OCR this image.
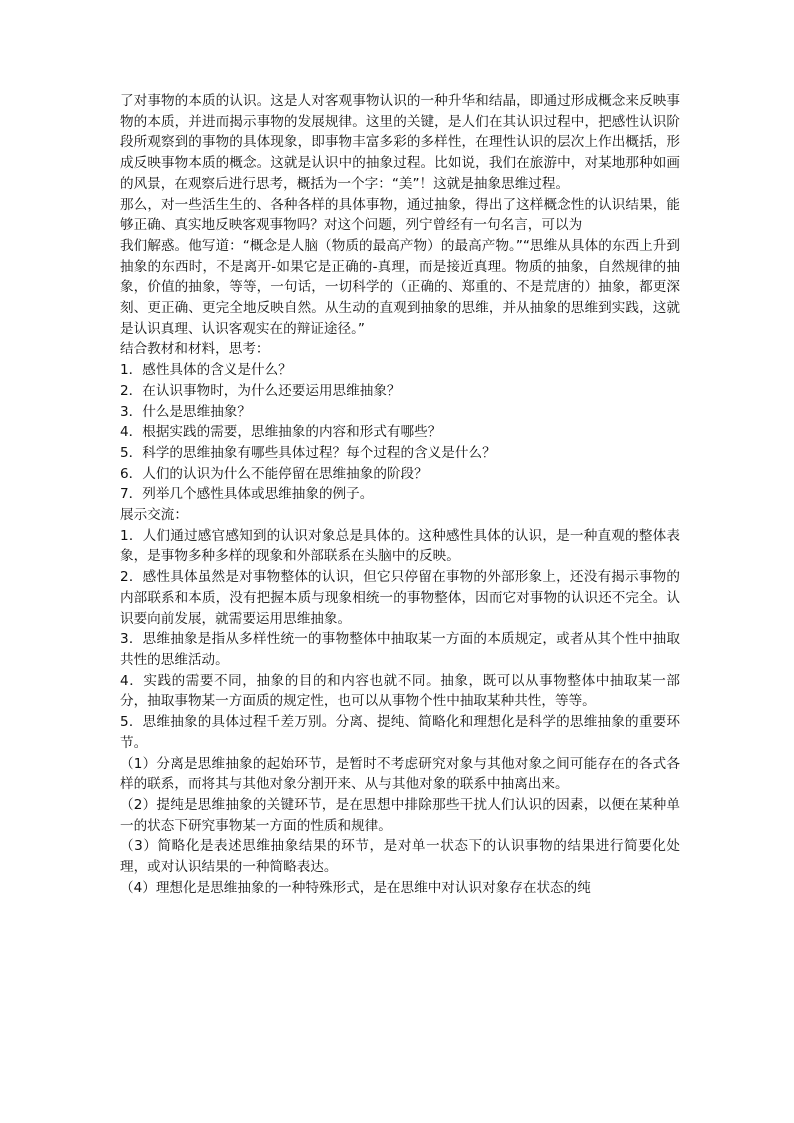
了对事物的本质的认识。这是人对客观事物认识的一种升华和结晶，即通过形成概念来反映事物的本质，并进而揭示事物的发展规律。这里的关键，是人们在其认识过程中，把感性认识阶段所观察到的事物的具体现象，即事物丰富多彩的多样性，在理性认识的层次上作出概括，形成反映事物本质的概念。这就是认识中的抽象过程。比如说，我们在旅游中，对某地那种如画的风景，在观察后进行思考，概括为一个字：“美”！这就是抽象思维过程。

那么，对一些活生生的、各种各样的具体事物，通过抽象，得出了这样概念性的认识结果，能够正确、真实地反映客观事物吗？对这个问题，列宁曾经有一句名言，可以为

我们解惑。他写道：“概念是人脑（物质的最高产物）的最高产物。”“思维从具体的东西上升到抽象的东西时，不是离开-如果它是正确的-真理，而是接近真理。物质的抽象，自然规律的抽象，价值的抽象，等等，一句话，一切科学的（正确的、郑重的、不是荒唐的）抽象，都更深刻、更正确、更完全地反映自然。从生动的直观到抽象的思维，并从抽象的思维到实践，这就是认识真理、认识客观实在的辩证途径。”

结合教材和材料，思考：

1．感性具体的含义是什么？

2．在认识事物时，为什么还要运用思维抽象？

3．什么是思维抽象？

4．根据实践的需要，思维抽象的内容和形式有哪些？

5．科学的思维抽象有哪些具体过程？每个过程的含义是什么？

6．人们的认识为什么不能停留在思维抽象的阶段？

7．列举几个感性具体或思维抽象的例子。

展示交流：

1．人们通过感官感知到的认识对象总是具体的。这种感性具体的认识，是一种直观的整体表象，是事物多种多样的现象和外部联系在头脑中的反映。

2．感性具体虽然是对事物整体的认识，但它只停留在事物的外部形象上，还没有揭示事物的内部联系和本质，没有把握本质与现象相统一的事物整体，因而它对事物的认识还不完全。认识要向前发展，就需要运用思维抽象。

3．思维抽象是指从多样性统一的事物整体中抽取某一方面的本质规定，或者从其个性中抽取共性的思维活动。

4．实践的需要不同，抽象的目的和内容也就不同。抽象，既可以从事物整体中抽取某一部分，抽取事物某一方面质的规定性，也可以从事物个性中抽取某种共性，等等。

5．思维抽象的具体过程千差万别。分离、提纯、简略化和理想化是科学的思维抽象的重要环节。

（1）分离是思维抽象的起始环节，是暂时不考虑研究对象与其他对象之间可能存在的各式各样的联系，而将其与其他对象分割开来、从与其他对象的联系中抽离出来。

（2）提纯是思维抽象的关键环节，是在思想中排除那些干扰人们认识的因素，以便在某种单一的状态下研究事物某一方面的性质和规律。

（3）简略化是表述思维抽象结果的环节，是对单一状态下的认识事物的结果进行简要化处理，或对认识结果的一种简略表达。

（4）理想化是思维抽象的一种特殊形式，是在思维中对认识对象存在状态的纯
